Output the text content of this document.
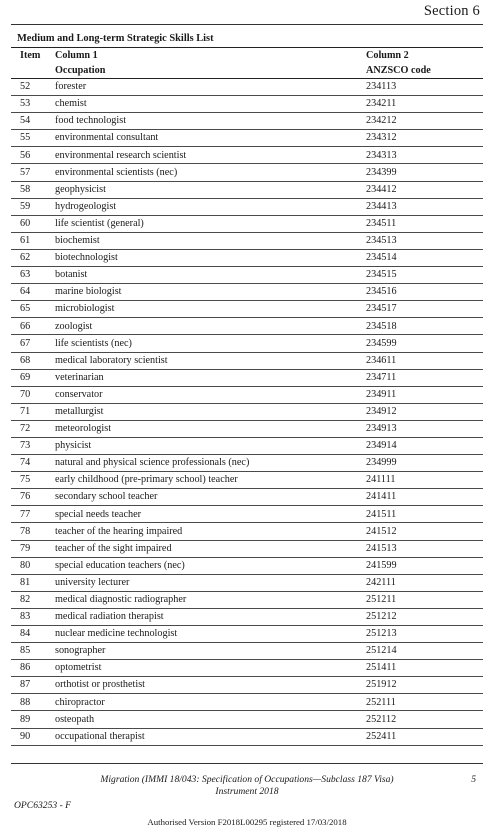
Section 6
Medium and Long-term Strategic Skills List
Item Column 1
Occupation
Column 2
ANZSCO code
52 forester	234113
53 chemist	234211
54 food technologist	234212
55 environmental consultant	234312
56 environmental research scientist	234313
57 environmental scientists (nec)	234399
58 geophysicist	234412
59 hydrogeologist	234413
60 life scientist (general)	234511
61 biochemist	234513
62 biotechnologist	234514
63 botanist	234515
64 marine biologist	234516
65 microbiologist	234517
66 zoologist	234518
67 life scientists (nec)	234599
68 medical laboratory scientist	234611
69 veterinarian	234711
70 conservator	234911
71 metallurgist	234912
72 meteorologist	234913
73 physicist	234914
74 natural and physical science professionals (nec)	234999
75 early childhood (pre-primary school) teacher	241111
76 secondary school teacher	241411
77 special needs teacher	241511
78 teacher of the hearing impaired	241512
79 teacher of the sight impaired	241513
80 special education teachers (nec)	241599
81 university lecturer	242111
82 medical diagnostic radiographer	251211
83 medical radiation therapist	251212
84 nuclear medicine technologist	251213
85 sonographer	251214
86 optometrist	251411
87 orthotist or prosthetist	251912
88 chiropractor	252111
89 osteopath	252112
90 occupational therapist	252411
Migration (IMMI 18/043: Specification of Occupations—Subclass 187 Visa)
Instrument 2018
5
OPC63253 - F
Authorised Version F2018L00295 registered 17/03/2018
